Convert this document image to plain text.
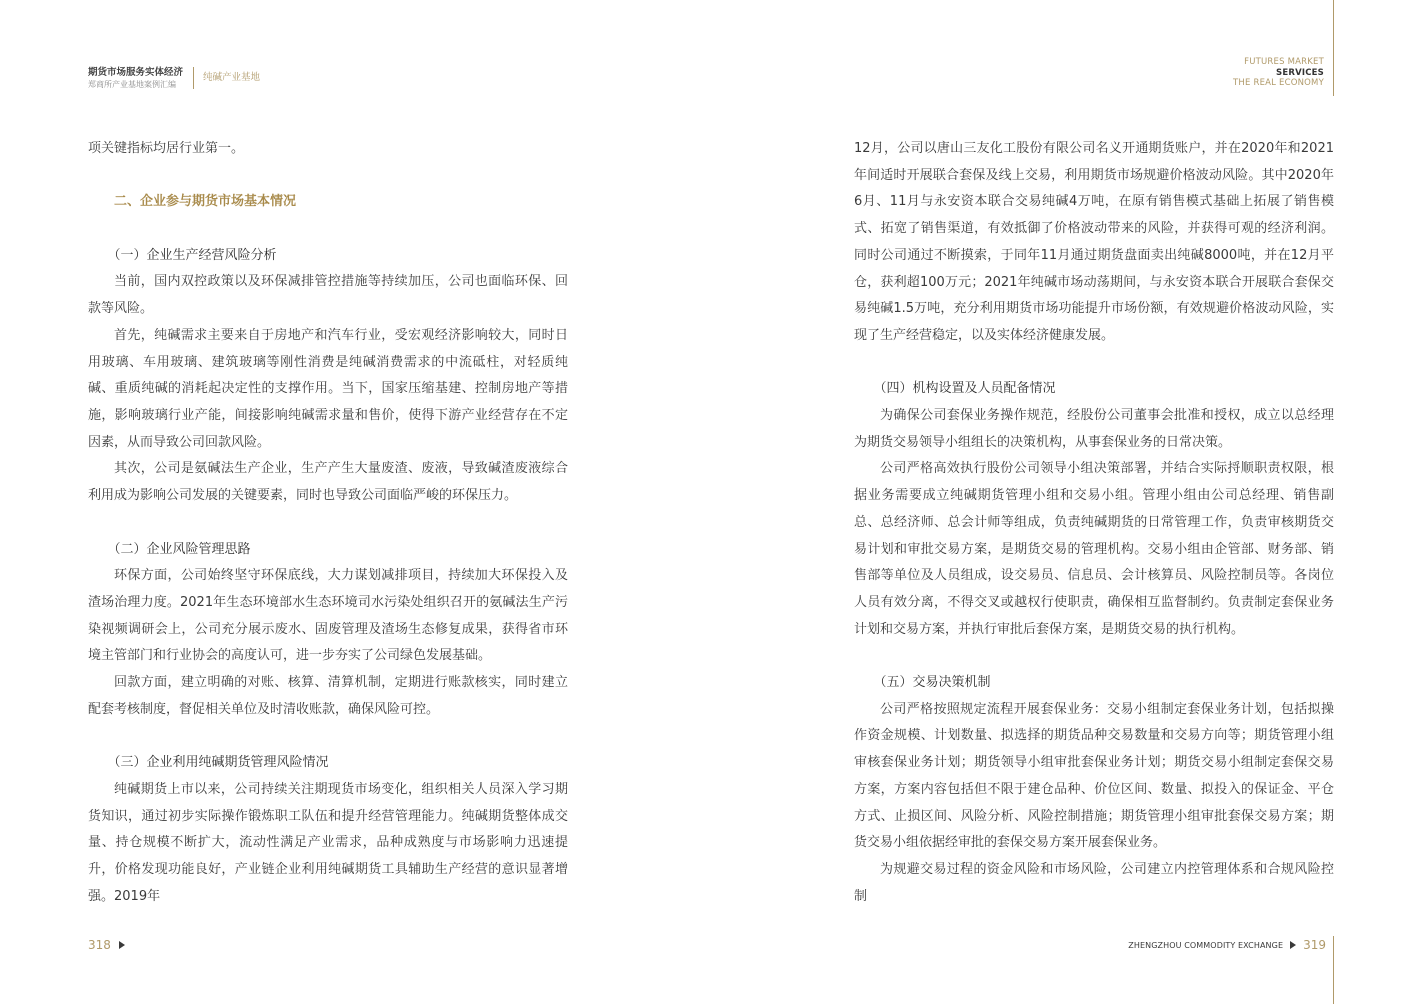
期货市场服务实体经济
郑商所产业基地案例汇编
纯碱产业基地

项关键指标均居行业第一。

二、企业参与期货市场基本情况
（一）企业生产经营风险分析

当前，国内双控政策以及环保减排管控措施等持续加压，公司也面临环保、回款等风险。

首先，纯碱需求主要来自于房地产和汽车行业，受宏观经济影响较大，同时日用玻璃、车用玻璃、建筑玻璃等刚性消费是纯碱消费需求的中流砥柱，对轻质纯碱、重质纯碱的消耗起决定性的支撑作用。当下，国家压缩基建、控制房地产等措施，影响玻璃行业产能，间接影响纯碱需求量和售价，使得下游产业经营存在不定因素，从而导致公司回款风险。

其次，公司是氨碱法生产企业，生产产生大量废渣、废液，导致碱渣废液综合利用成为影响公司发展的关键要素，同时也导致公司面临严峻的环保压力。

（二）企业风险管理思路

环保方面，公司始终坚守环保底线，大力谋划减排项目，持续加大环保投入及渣场治理力度。2021年生态环境部水生态环境司水污染处组织召开的氨碱法生产污染视频调研会上，公司充分展示废水、固废管理及渣场生态修复成果，获得省市环境主管部门和行业协会的高度认可，进一步夯实了公司绿色发展基础。

回款方面，建立明确的对账、核算、清算机制，定期进行账款核实，同时建立配套考核制度，督促相关单位及时清收账款，确保风险可控。

（三）企业利用纯碱期货管理风险情况

纯碱期货上市以来，公司持续关注期现货市场变化，组织相关人员深入学习期货知识，通过初步实际操作锻炼职工队伍和提升经营管理能力。纯碱期货整体成交量、持仓规模不断扩大，流动性满足产业需求，品种成熟度与市场影响力迅速提升，价格发现功能良好，产业链企业利用纯碱期货工具辅助生产经营的意识显著增强。2019年

318
FUTURES MARKET
SERVICES
THE REAL ECONOMY

12月，公司以唐山三友化工股份有限公司名义开通期货账户，并在2020年和2021年间适时开展联合套保及线上交易，利用期货市场规避价格波动风险。其中2020年6月、11月与永安资本联合交易纯碱4万吨，在原有销售模式基础上拓展了销售模式、拓宽了销售渠道，有效抵御了价格波动带来的风险，并获得可观的经济利润。同时公司通过不断摸索，于同年11月通过期货盘面卖出纯碱8000吨，并在12月平仓，获利超100万元；2021年纯碱市场动荡期间，与永安资本联合开展联合套保交易纯碱1.5万吨，充分利用期货市场功能提升市场份额，有效规避价格波动风险，实现了生产经营稳定，以及实体经济健康发展。

（四）机构设置及人员配备情况

为确保公司套保业务操作规范，经股份公司董事会批准和授权，成立以总经理为期货交易领导小组组长的决策机构，从事套保业务的日常决策。

公司严格高效执行股份公司领导小组决策部署，并结合实际捋顺职责权限，根据业务需要成立纯碱期货管理小组和交易小组。管理小组由公司总经理、销售副总、总经济师、总会计师等组成，负责纯碱期货的日常管理工作，负责审核期货交易计划和审批交易方案，是期货交易的管理机构。交易小组由企管部、财务部、销售部等单位及人员组成，设交易员、信息员、会计核算员、风险控制员等。各岗位人员有效分离，不得交叉或越权行使职责，确保相互监督制约。负责制定套保业务计划和交易方案，并执行审批后套保方案，是期货交易的执行机构。

（五）交易决策机制

公司严格按照规定流程开展套保业务：交易小组制定套保业务计划，包括拟操作资金规模、计划数量、拟选择的期货品种交易数量和交易方向等；期货管理小组审核套保业务计划；期货领导小组审批套保业务计划；期货交易小组制定套保交易方案，方案内容包括但不限于建仓品种、价位区间、数量、拟投入的保证金、平仓方式、止损区间、风险分析、风险控制措施；期货管理小组审批套保交易方案；期货交易小组依据经审批的套保交易方案开展套保业务。

为规避交易过程的资金风险和市场风险，公司建立内控管理体系和合规风险控制

ZHENGZHOU COMMODITY EXCHANGE 319
